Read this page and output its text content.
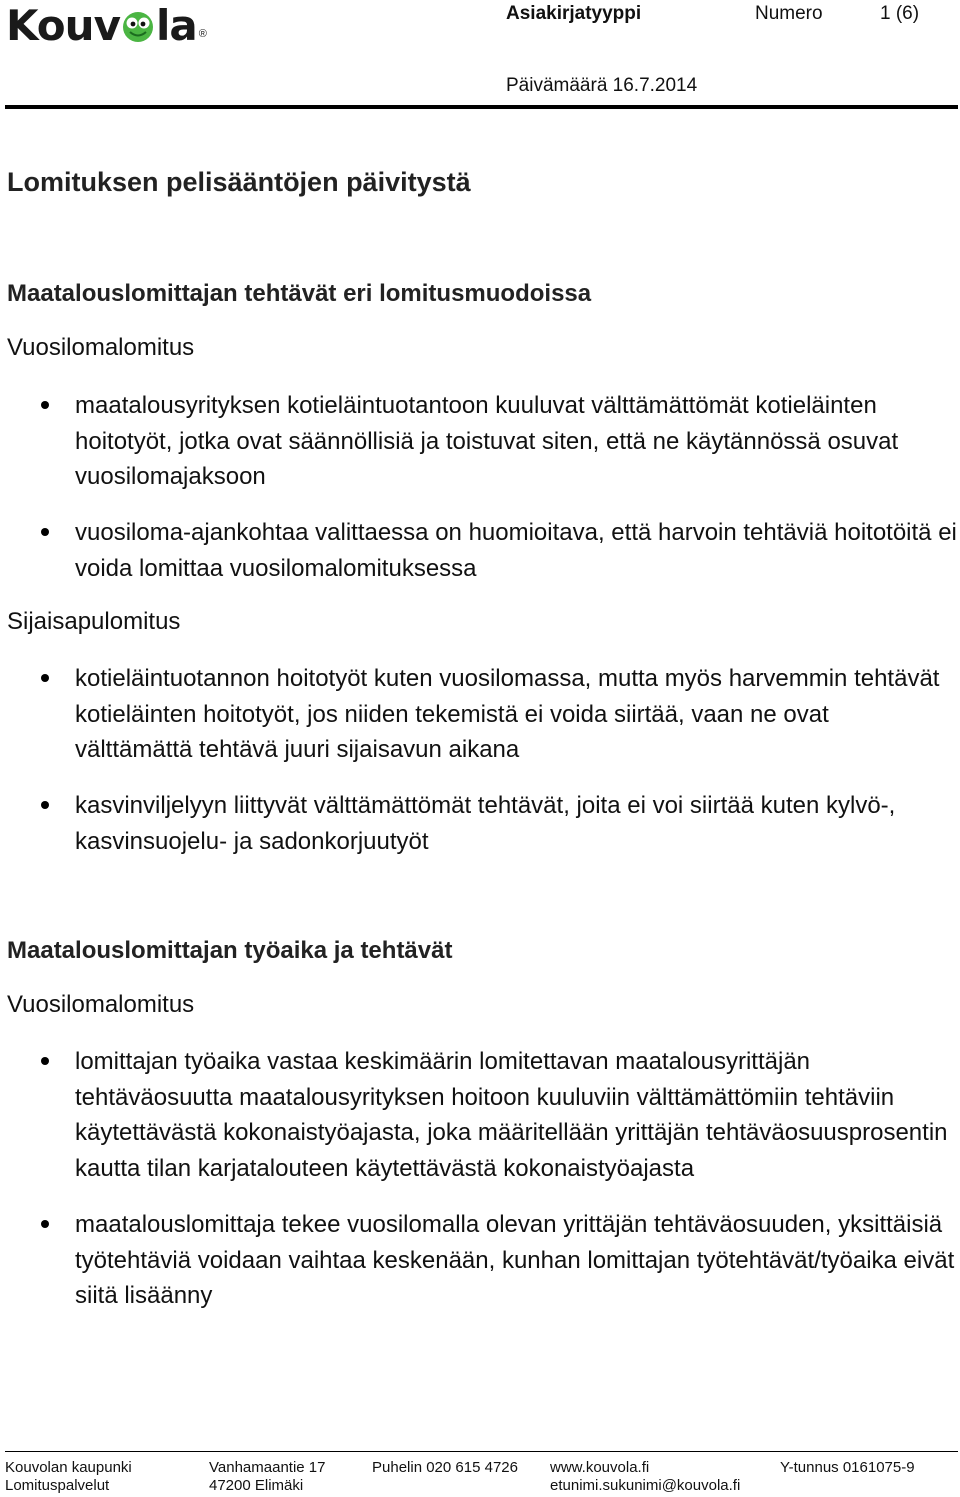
Kouv la ®
Asiakirjatyyppi	Numero	1 (6)
Päivämäärä 16.7.2014
Lomituksen pelisääntöjen päivitystä
Maatalouslomittajan tehtävät eri lomitusmuodoissa
Vuosilomalomitus
maatalousyrityksen kotieläintuotantoon kuuluvat välttämättömät kotieläinten hoitotyöt, jotka ovat säännöllisiä ja toistuvat siten, että ne käytännössä osuvat vuosilomajaksoon
vuosiloma-ajankohtaa valittaessa on huomioitava, että harvoin tehtäviä hoitotöitä ei voida lomittaa vuosilomalomituksessa
Sijaisapulomitus
kotieläintuotannon hoitotyöt kuten vuosilomassa, mutta myös harvemmin tehtävät kotieläinten hoitotyöt, jos niiden tekemistä ei voida siirtää, vaan ne ovat välttämättä tehtävä juuri sijaisavun aikana
kasvinviljelyyn liittyvät välttämättömät tehtävät, joita ei voi siirtää kuten kylvö-, kasvinsuojelu- ja sadonkorjuutyöt
Maatalouslomittajan työaika ja tehtävät
Vuosilomalomitus
lomittajan työaika vastaa keskimäärin lomitettavan maatalousyrittäjän tehtäväosuutta maatalousyrityksen hoitoon kuuluviin välttämättömiin tehtäviin käytettävästä kokonaistyöajasta, joka määritellään yrittäjän tehtäväosuusprosentin kautta tilan karjatalouteen käytettävästä kokonaistyöajasta
maatalouslomittaja tekee vuosilomalla olevan yrittäjän tehtäväosuuden, yksittäisiä työtehtäviä voidaan vaihtaa keskenään, kunhan lomittajan työtehtävät/työaika eivät siitä lisäänny
Kouvolan kaupunki
Lomituspalvelut
Vanhamaantie 17
47200 Elimäki
Puhelin 020 615 4726 www.kouvola.fi
etunimi.sukunimi@kouvola.fi
Y-tunnus 0161075-9
